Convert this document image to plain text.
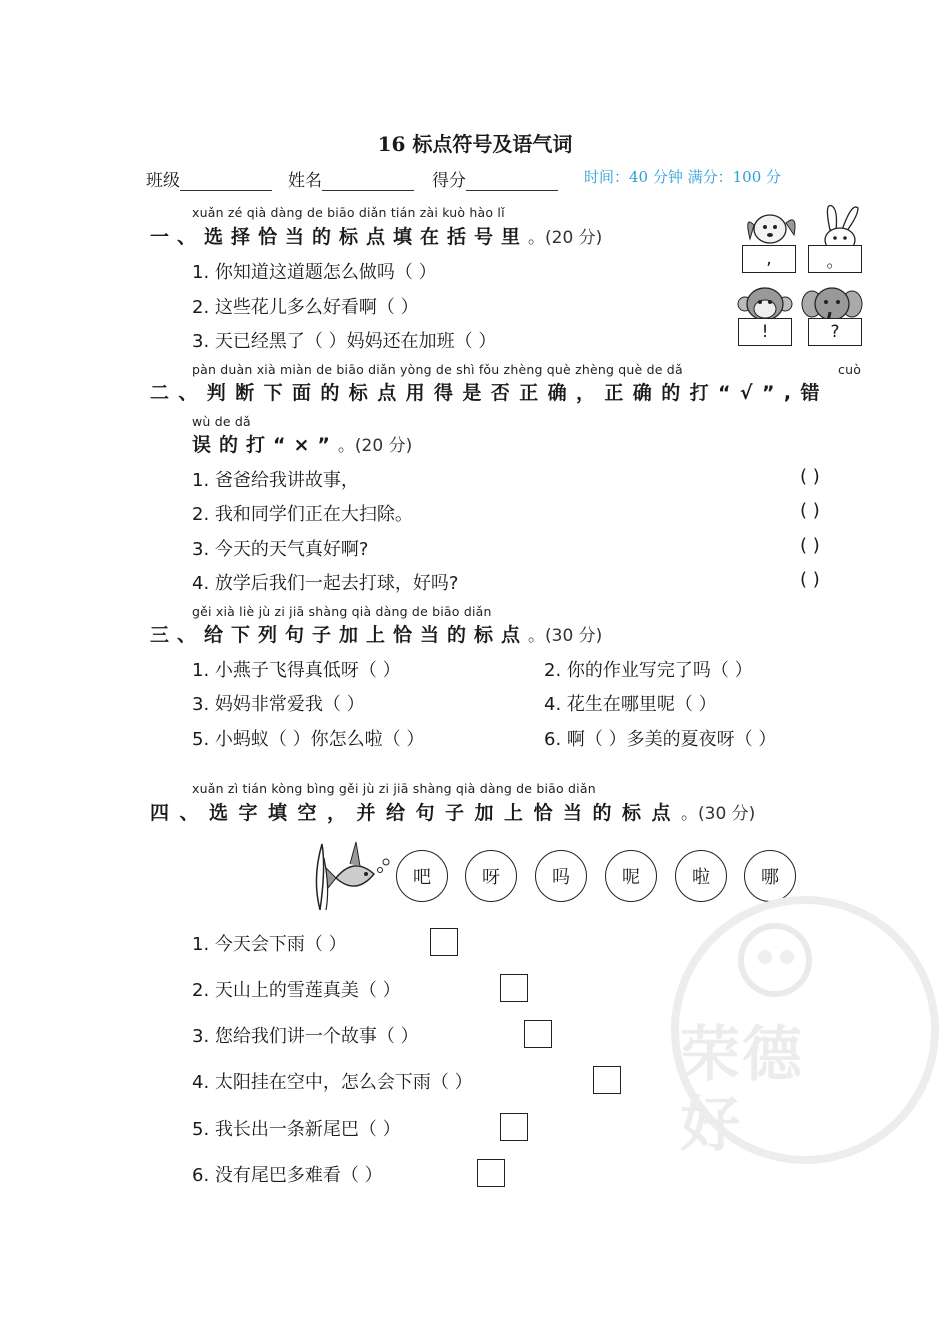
16 标点符号及语气词
班级	姓名	得分	时间：40 分钟 满分：100 分
xuǎn zé qià dàng de biāo diǎn tián zài kuò hào lǐ
一、选择恰当的标点填在括号里。(20 分)
1. 你知道这道题怎么做吗（ ）
2. 这些花儿多么好看啊（ ）
3. 天已经黑了（ ）妈妈还在加班（ ）
,	。
!	?
pàn duàn xià miàn de biāo diǎn yòng de shì fǒu zhèng què zhèng què de dǎ	cuò
二、判断下面的标点用得是否正确，正确的打“√”,错
wù de dǎ
误的打“×”。(20 分)
1. 爸爸给我讲故事，	( )
2. 我和同学们正在大扫除。	( )
3. 今天的天气真好啊?	( )
4. 放学后我们一起去打球，好吗?	( )
gěi xià liè jù zi jiā shàng qià dàng de biāo diǎn
三、给下列句子加上恰当的标点。(30 分)
1. 小燕子飞得真低呀（ ）	2. 你的作业写完了吗（ ）
3. 妈妈非常爱我（ ）	4. 花生在哪里呢（ ）
5. 小蚂蚁（ ）你怎么啦（ ）	6. 啊（ ）多美的夏夜呀（ ）
xuǎn zì tián kòng bìng gěi jù zi jiā shàng qià dàng de biāo diǎn
四、选字填空，并给句子加上恰当的标点。(30 分)
吧	呀	吗	呢	啦	哪
荣德好
1. 今天会下雨（ ）
2. 天山上的雪莲真美（ ）
3. 您给我们讲一个故事（ ）
4. 太阳挂在空中，怎么会下雨（ ）
5. 我长出一条新尾巴（ ）
6. 没有尾巴多难看（ ）
